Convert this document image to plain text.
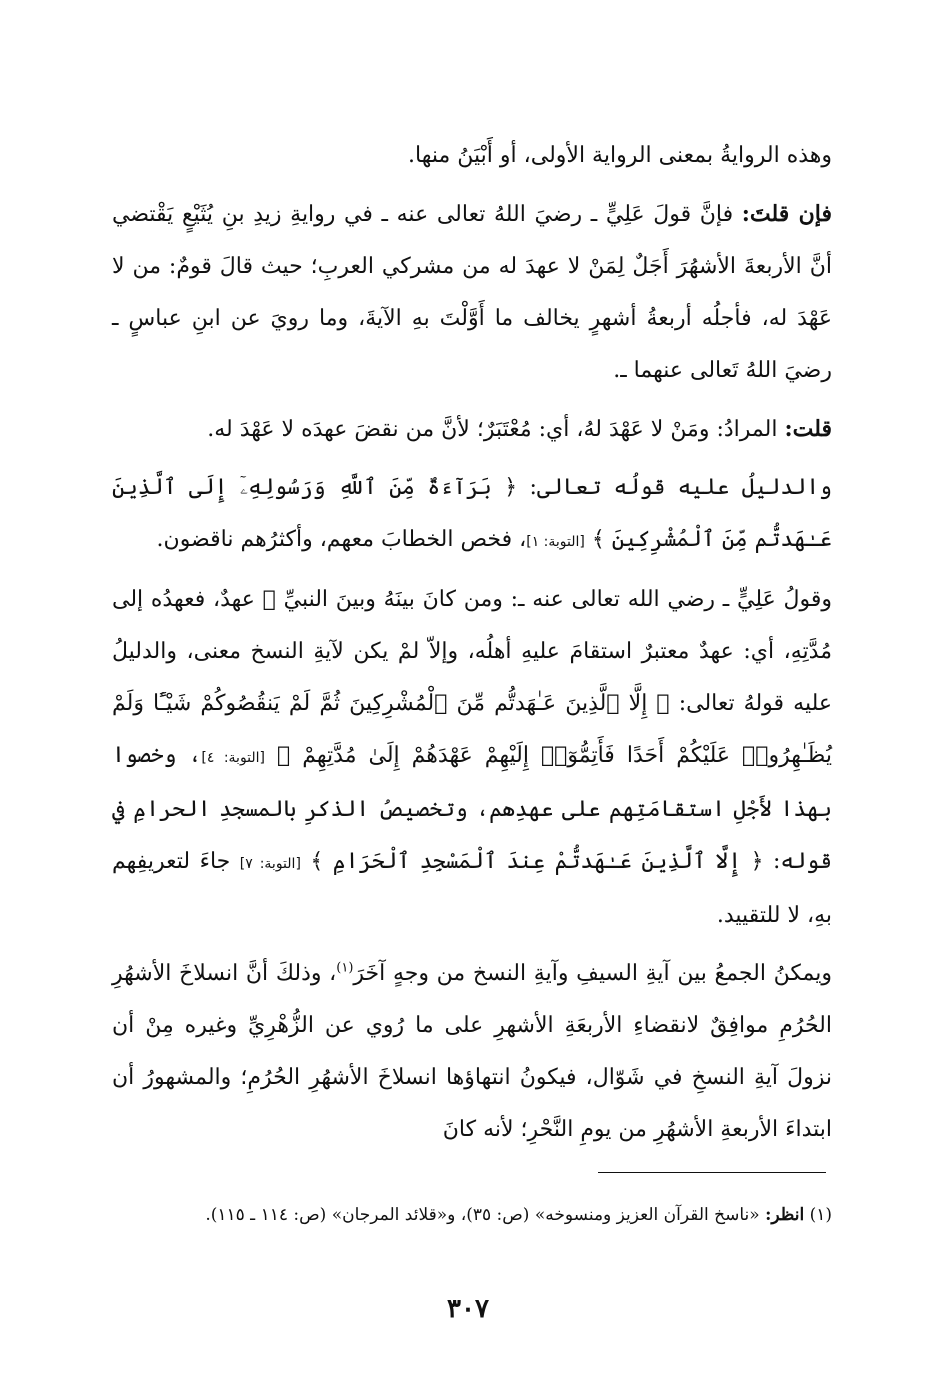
وهذه الروايةُ بمعنى الرواية الأولى، أو أَبْيَنُ منها.

فإن قلتَ: فإنَّ قولَ عَلِيٍّ ـ رضيَ اللهُ تعالى عنه ـ في روايةِ زيدِ بنِ يُثَيْعٍ يَقْتضي أنَّ الأربعةَ الأشهُرَ أَجَلٌ لِمَنْ لا عهدَ له من مشركي العربِ؛ حيث قالَ قومٌ: من لا عَهْدَ له، فأجلُه أربعةُ أشهرٍ يخالف ما أَوَّلْتَ بهِ الآيةَ، وما رويَ عن ابنِ عباسٍ ـ رضيَ اللهُ تَعالى عنهما ـ.

قلت: المرادُ: ومَنْ لا عَهْدَ لهُ، أي: مُعْتَبَرٌ؛ لأنَّ من نقضَ عهدَه لا عَهْدَ له.

والدليلُ عليه قولُه تعالى: ﴿ بَرَآءَةٌ مِّنَ ٱللَّهِ وَرَسُولِهِۦٓ إِلَى ٱلَّذِينَ عَـٰهَدتُّم مِّنَ ٱلْمُشْرِكِينَ ﴾ [التوبة: ١]، فخص الخطابَ معهم، وأكثرُهم ناقضون.

وقولُ عَلِيٍّ ـ رضي الله تعالى عنه ـ: ومن كانَ بينَهُ وبينَ النبيِّ ﷺ عهدٌ، فعهدُه إلى مُدَّتِهِ، أي: عهدٌ معتبرٌ استقامَ عليهِ أهلُه، وإلاّ لمْ يكن لآيةِ النسخ معنى، والدليلُ عليه قولهُ تعالى: ﴿ إِلَّا ٱلَّذِينَ عَـٰهَدتُّم مِّنَ ٱلْمُشْرِكِينَ ثُمَّ لَمْ يَنقُصُوكُمْ شَيْـًٔا وَلَمْ يُظَـٰهِرُوا۟ عَلَيْكُمْ أَحَدًا فَأَتِمُّوٓا۟ إِلَيْهِمْ عَهْدَهُمْ إِلَىٰ مُدَّتِهِمْ ﴾ [التوبة: ٤]، وخصوا بهذا لأَجْلِ استقامَتِهم على عهدِهم، وتخصيصُ الذكرِ بالمسجدِ الحرامِ في قوله: ﴿ إِلَّا ٱلَّذِينَ عَـٰهَدتُّمْ عِندَ ٱلْمَسْجِدِ ٱلْحَرَامِ ﴾ [التوبة: ٧] جاءَ لتعريفِهم بهِ، لا للتقييد.

ويمكنُ الجمعُ بين آيةِ السيفِ وآيةِ النسخ من وجهٍ آخَرَ$^{(١)}$، وذلكَ أنَّ انسلاخَ الأشهُرِ الحُرُمِ موافِقٌ لانقضاءِ الأربعَةِ الأشهرِ على ما رُوي عن الزُّهْرِيِّ وغيره مِنْ أن نزولَ آيةِ النسخِ في شَوّال، فيكونُ انتهاؤها انسلاخَ الأشهُرِ الحُرُمِ؛ والمشهورُ أن ابتداءَ الأربعةِ الأشهُرِ من يومِ النَّحْرِ؛ لأنه كانَ

(١) انظر: «ناسخ القرآن العزيز ومنسوخه» (ص: ٣٥)، و«قلائد المرجان» (ص: ١١٤ ـ ١١٥).

٣٠٧
